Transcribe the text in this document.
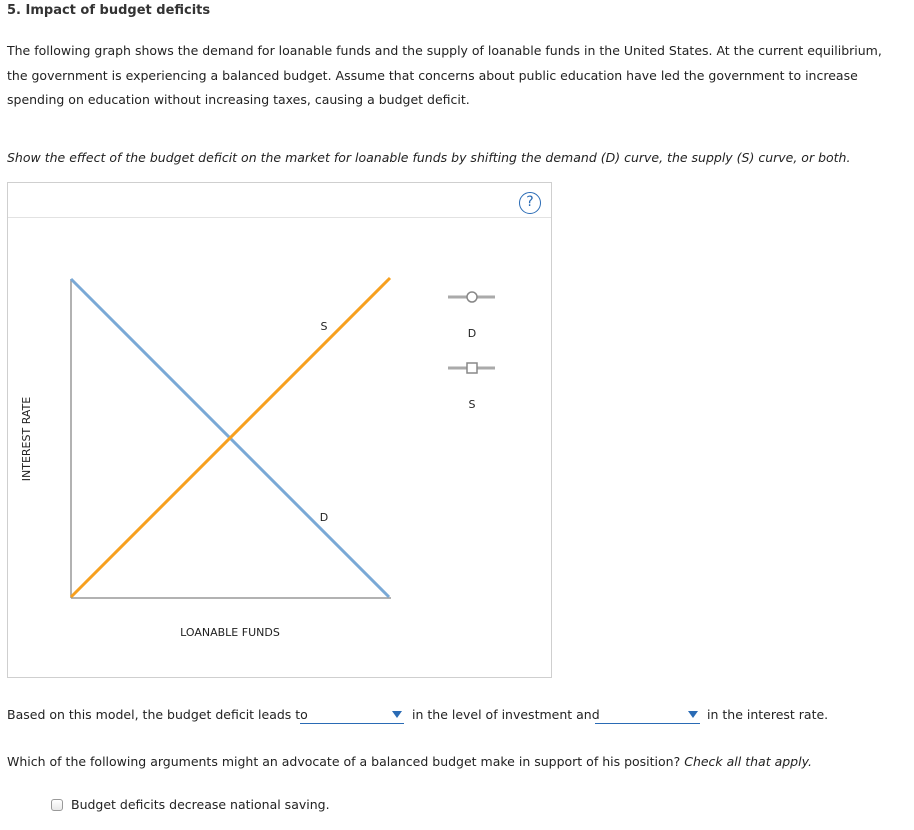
5. Impact of budget deficits
The following graph shows the demand for loanable funds and the supply of loanable funds in the United States. At the current equilibrium, the government is experiencing a balanced budget. Assume that concerns about public education have led the government to increase spending on education without increasing taxes, causing a budget deficit.
Show the effect of the budget deficit on the market for loanable funds by shifting the demand (D) curve, the supply (S) curve, or both.
?
S
D
INTEREST RATE
LOANABLE FUNDS
D
S
Based on this model, the budget deficit leads to	in the level of investment and	in the interest rate.
Which of the following arguments might an advocate of a balanced budget make in support of his position? Check all that apply.
Budget deficits decrease national saving.
